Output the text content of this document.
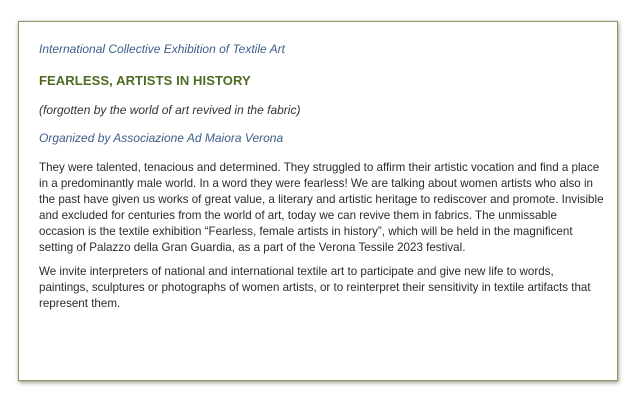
International Collective Exhibition of Textile Art

FEARLESS, ARTISTS IN HISTORY

(forgotten by the world of art revived in the fabric)

Organized by Associazione Ad Maiora Verona

They were talented, tenacious and determined. They struggled to affirm their artistic vocation and find a place in a predominantly male world. In a word they were fearless! We are talking about women artists who also in the past have given us works of great value, a literary and artistic heritage to rediscover and promote. Invisible and excluded for centuries from the world of art, today we can revive them in fabrics. The unmissable occasion is the textile exhibition “Fearless, female artists in history”, which will be held in the magnificent setting of Palazzo della Gran Guardia, as a part of the Verona Tessile 2023 festival.

We invite interpreters of national and international textile art to participate and give new life to words, paintings, sculptures or photographs of women artists, or to reinterpret their sensitivity in textile artifacts that represent them.
